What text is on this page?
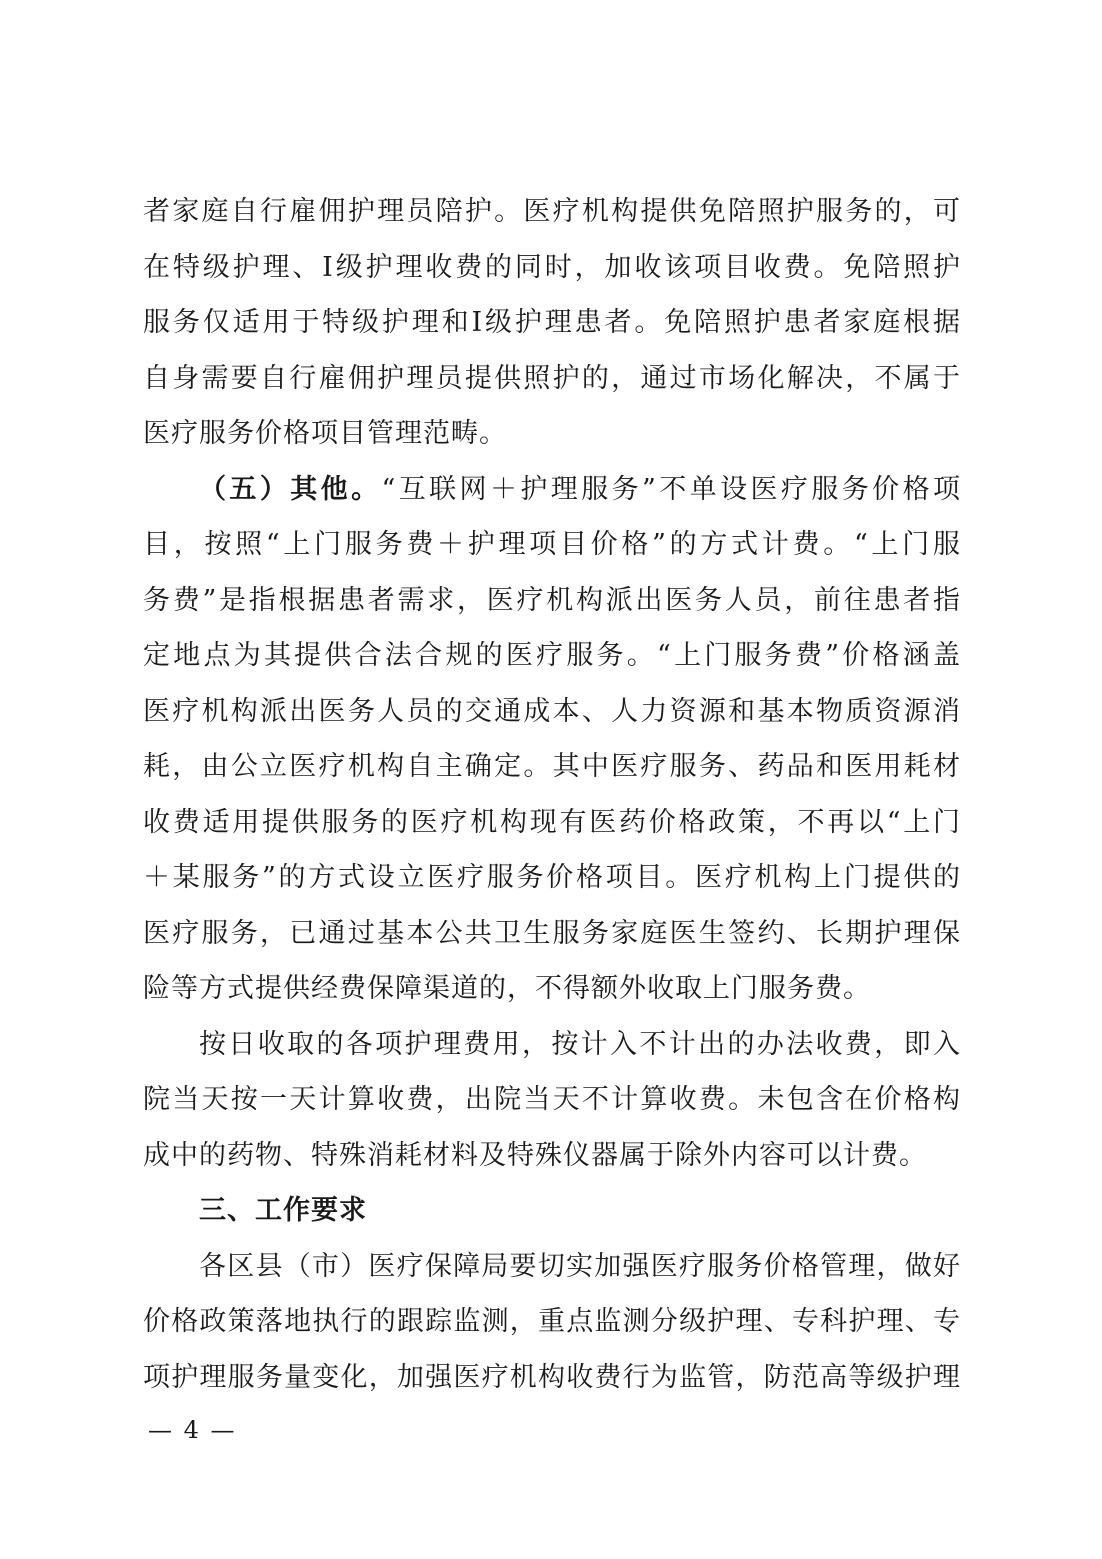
者家庭自行雇佣护理员陪护。医疗机构提供免陪照护服务的，可
在特级护理、Ⅰ级护理收费的同时，加收该项目收费。免陪照护
服务仅适用于特级护理和Ⅰ级护理患者。免陪照护患者家庭根据
自身需要自行雇佣护理员提供照护的，通过市场化解决，不属于
医疗服务价格项目管理范畴。
（五）其他。“互联网＋护理服务”不单设医疗服务价格项
目，按照“上门服务费＋护理项目价格”的方式计费。“上门服
务费”是指根据患者需求，医疗机构派出医务人员，前往患者指
定地点为其提供合法合规的医疗服务。“上门服务费”价格涵盖
医疗机构派出医务人员的交通成本、人力资源和基本物质资源消
耗，由公立医疗机构自主确定。其中医疗服务、药品和医用耗材
收费适用提供服务的医疗机构现有医药价格政策，不再以“上门
＋某服务”的方式设立医疗服务价格项目。医疗机构上门提供的
医疗服务，已通过基本公共卫生服务家庭医生签约、长期护理保
险等方式提供经费保障渠道的，不得额外收取上门服务费。
按日收取的各项护理费用，按计入不计出的办法收费，即入
院当天按一天计算收费，出院当天不计算收费。未包含在价格构
成中的药物、特殊消耗材料及特殊仪器属于除外内容可以计费。
三、工作要求
各区县（市）医疗保障局要切实加强医疗服务价格管理，做好
价格政策落地执行的跟踪监测，重点监测分级护理、专科护理、专
项护理服务量变化，加强医疗机构收费行为监管，防范高等级护理
— 4 —
